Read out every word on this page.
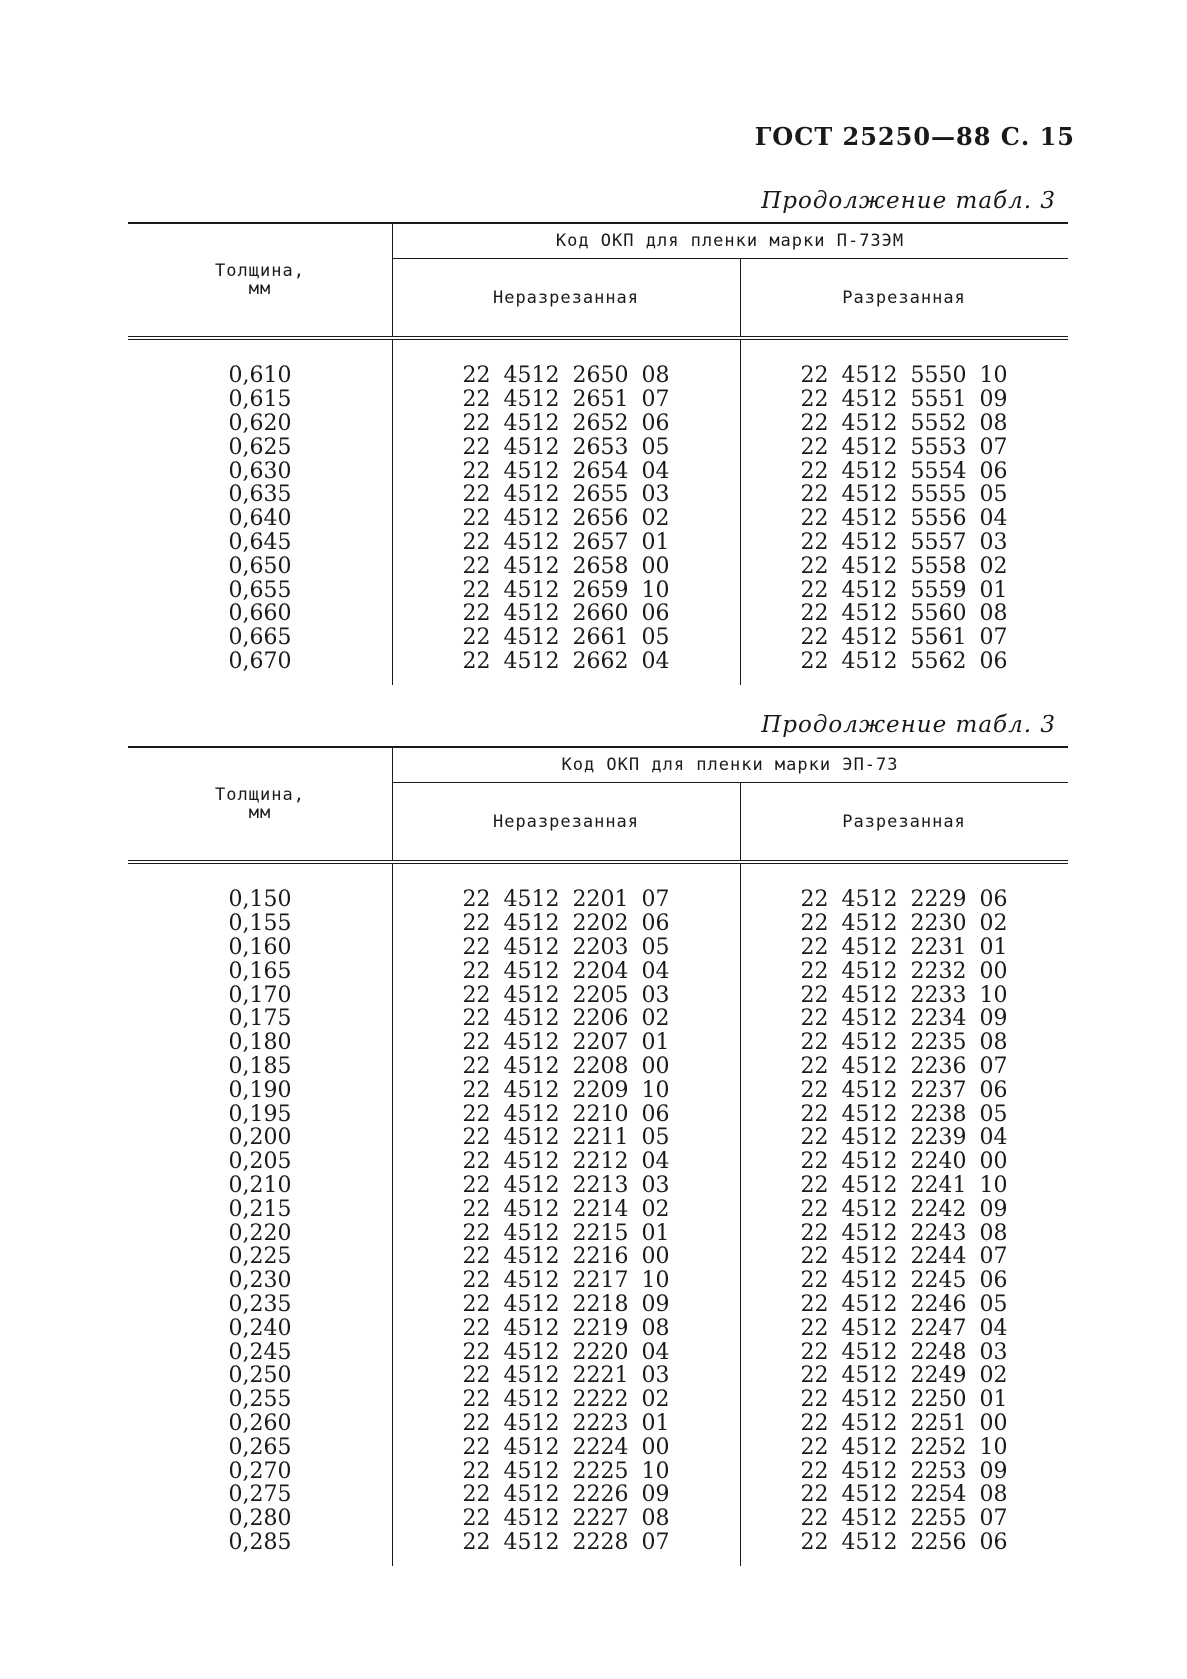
ГОСТ 25250—88 С. 15
Продолжение табл. 3
Толщина,
мм
Код ОКП для пленки марки П-73ЭМ
Неразрезанная	Разрезанная
0,610	22 4512 2650 08	22 4512 5550 10
0,615	22 4512 2651 07	22 4512 5551 09
0,620	22 4512 2652 06	22 4512 5552 08
0,625	22 4512 2653 05	22 4512 5553 07
0,630	22 4512 2654 04	22 4512 5554 06
0,635	22 4512 2655 03	22 4512 5555 05
0,640	22 4512 2656 02	22 4512 5556 04
0,645	22 4512 2657 01	22 4512 5557 03
0,650	22 4512 2658 00	22 4512 5558 02
0,655	22 4512 2659 10	22 4512 5559 01
0,660	22 4512 2660 06	22 4512 5560 08
0,665	22 4512 2661 05	22 4512 5561 07
0,670	22 4512 2662 04	22 4512 5562 06
Продолжение табл. 3
Толщина,
мм
Код ОКП для пленки марки ЭП-73
Неразрезанная	Разрезанная
0,150	22 4512 2201 07	22 4512 2229 06
0,155	22 4512 2202 06	22 4512 2230 02
0,160	22 4512 2203 05	22 4512 2231 01
0,165	22 4512 2204 04	22 4512 2232 00
0,170	22 4512 2205 03	22 4512 2233 10
0,175	22 4512 2206 02	22 4512 2234 09
0,180	22 4512 2207 01	22 4512 2235 08
0,185	22 4512 2208 00	22 4512 2236 07
0,190	22 4512 2209 10	22 4512 2237 06
0,195	22 4512 2210 06	22 4512 2238 05
0,200	22 4512 2211 05	22 4512 2239 04
0,205	22 4512 2212 04	22 4512 2240 00
0,210	22 4512 2213 03	22 4512 2241 10
0,215	22 4512 2214 02	22 4512 2242 09
0,220	22 4512 2215 01	22 4512 2243 08
0,225	22 4512 2216 00	22 4512 2244 07
0,230	22 4512 2217 10	22 4512 2245 06
0,235	22 4512 2218 09	22 4512 2246 05
0,240	22 4512 2219 08	22 4512 2247 04
0,245	22 4512 2220 04	22 4512 2248 03
0,250	22 4512 2221 03	22 4512 2249 02
0,255	22 4512 2222 02	22 4512 2250 01
0,260	22 4512 2223 01	22 4512 2251 00
0,265	22 4512 2224 00	22 4512 2252 10
0,270	22 4512 2225 10	22 4512 2253 09
0,275	22 4512 2226 09	22 4512 2254 08
0,280	22 4512 2227 08	22 4512 2255 07
0,285	22 4512 2228 07	22 4512 2256 06
